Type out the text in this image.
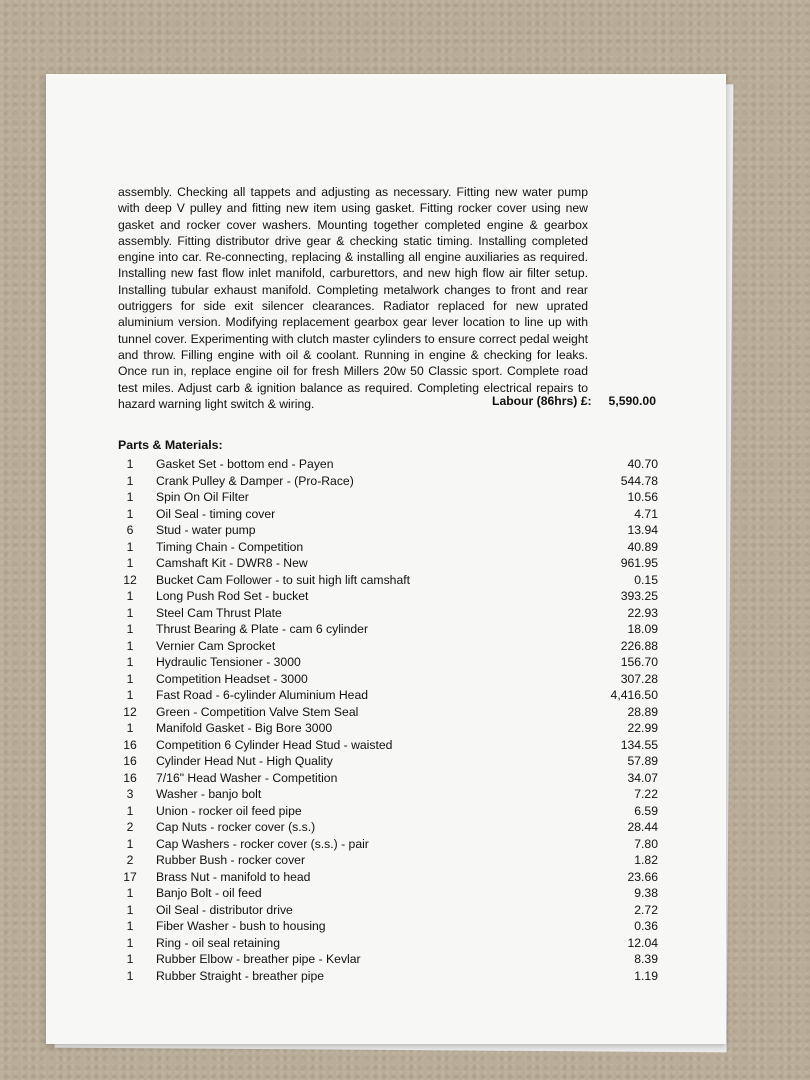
assembly. Checking all tappets and adjusting as necessary. Fitting new water pump with deep V pulley and fitting new item using gasket. Fitting rocker cover using new gasket and rocker cover washers. Mounting together completed engine & gearbox assembly. Fitting distributor drive gear & checking static timing. Installing completed engine into car. Re-connecting, replacing & installing all engine auxiliaries as required. Installing new fast flow inlet manifold, carburettors, and new high flow air filter setup. Installing tubular exhaust manifold. Completing metalwork changes to front and rear outriggers for side exit silencer clearances. Radiator replaced for new uprated aluminium version. Modifying replacement gearbox gear lever location to line up with tunnel cover. Experimenting with clutch master cylinders to ensure correct pedal weight and throw. Filling engine with oil & coolant. Running in engine & checking for leaks. Once run in, replace engine oil for fresh Millers 20w 50 Classic sport. Complete road test miles. Adjust carb & ignition balance as required. Completing electrical repairs to hazard warning light switch & wiring.	Labour (86hrs) £: 5,590.00
Parts & Materials:
1	Gasket Set - bottom end - Payen	40.70
1	Crank Pulley & Damper - (Pro-Race)	544.78
1	Spin On Oil Filter	10.56
1	Oil Seal - timing cover	4.71
6	Stud - water pump	13.94
1	Timing Chain - Competition	40.89
1	Camshaft Kit - DWR8 - New	961.95
12	Bucket Cam Follower - to suit high lift camshaft	0.15
1	Long Push Rod Set - bucket	393.25
1	Steel Cam Thrust Plate	22.93
1	Thrust Bearing & Plate - cam 6 cylinder	18.09
1	Vernier Cam Sprocket	226.88
1	Hydraulic Tensioner - 3000	156.70
1	Competition Headset - 3000	307.28
1	Fast Road - 6-cylinder Aluminium Head	4,416.50
12	Green - Competition Valve Stem Seal	28.89
1	Manifold Gasket - Big Bore 3000	22.99
16	Competition 6 Cylinder Head Stud - waisted	134.55
16	Cylinder Head Nut - High Quality	57.89
16	7/16" Head Washer - Competition	34.07
3	Washer - banjo bolt	7.22
1	Union - rocker oil feed pipe	6.59
2	Cap Nuts - rocker cover (s.s.)	28.44
1	Cap Washers - rocker cover (s.s.) - pair	7.80
2	Rubber Bush - rocker cover	1.82
17	Brass Nut - manifold to head	23.66
1	Banjo Bolt - oil feed	9.38
1	Oil Seal - distributor drive	2.72
1	Fiber Washer - bush to housing	0.36
1	Ring - oil seal retaining	12.04
1	Rubber Elbow - breather pipe - Kevlar	8.39
1	Rubber Straight - breather pipe	1.19
